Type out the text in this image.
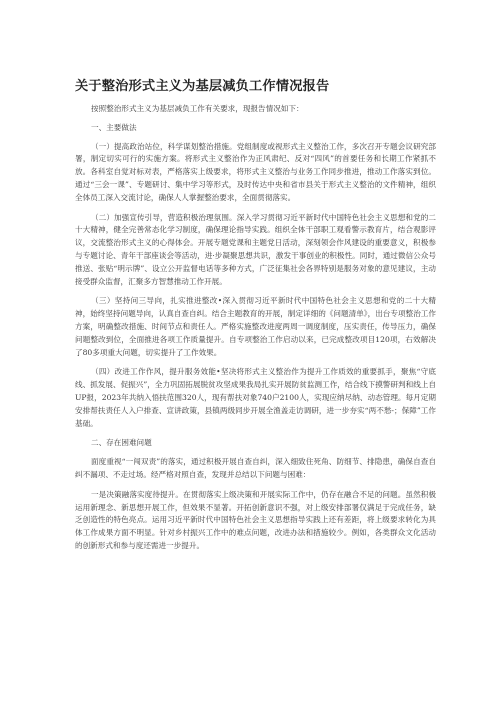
关于整治形式主义为基层减负工作情况报告

按照整治形式主义为基层减负工作有关要求，现报告情况如下：

一、主要做法

（一）提高政治站位，科学谋划整治措施。党组制度或视形式主义整治工作，多次召开专题会议研究部署，制定切实可行的实施方案。将形式主义整治作为正风肃纪、反对“四风”的首要任务和长期工作紧抓不放。各科室自觉对标对表，严格落实上级要求，将形式主义整治与业务工作同步推进，推动工作落实到位。通过“三会一课”、专题研讨、集中学习等形式，及时传达中央和省市县关于形式主义整治的文件精神，组织全体员工深入交流讨论，确保人人掌握整治要求，全面贯彻落实。

（二）加强宣传引导，营造积极治理氛围。深入学习贯彻习近平新时代中国特色社会主义思想和党的二十大精神，健全完善常态化学习制度，确保理论指导实践。组织全体干部职工观看警示教育片，结合观影评议，交流整治形式主义的心得体会。开展专题党课和主题党日活动，深刻领会作风建设的重要意义，积极参与专题讨论、青年干部座谈会等活动，进·步凝聚思想共识，激发干事创业的积极性。同时，通过微信公众号推送、张贴“明示牌”、设立公开监督电话等多种方式，广泛征集社会各界特别是服务对象的意见建议，主动接受群众监督，汇聚多方智慧推动工作开展。

（三）坚持问三导向，扎实推进整改•深入贯彻习近平新时代中国特色社会主义思想和党的二十大精神，始终坚持问题导向，认真自查自纠。结合主题教育的开展，制定详细的《问题清单》，出台专项整治工作方案，明确整改措施、时间节点和责任人。严格实施整改进度两周一调度制度，压实责任，传导压力，确保问题整改到位，全面推进各项工作质量提升。自专项整治工作启动以来，已完成整改项目120项，右效解决了80多项重大问题，切实提升了工作效果。

（四）改进工作作风，提升服务效能•坚决将形式主义整治作为提升工作质效的重要抓手，聚焦“守底线、抓发展、促振兴”，全力巩固拓展脱贫攻坚成果我局扎实开展防贫监测工作，结合线下摸警研判和线上自UP报，2023年共纳入悟扶范围320人，现有帮扶对象740户2100人，实现应纳尽纳、动态管理。每月定期安排帮扶责任人入户排查、宣讲政策，县镇两级同步开展全渔盖走访调研，进一步夯实“两不愁-；保障”工作基础。

二、存在困难问题

面度重视“一闯双责”的落实，通过积极开展自查自纠，深入细致住死角、防细节、排隐患，确保自查自纠不漏项、不走过场。经严格对照自查，发现并总结以下问题与困难：

一是决策融落实度待提升。在贯彻落实上级决策和开展实际工作中，仍存在融合不足的问题。虽然积极运用新理念、新思想开展工作，但效果不显著。开拓创新意识不强，对上级安排部署仅满足于完成任务，缺乏创造性的特色亮点。运用习近平新时代中国特色社会主义思想指导实践上还有差距，将上级要求转化为具体工作成果方面不明显。针对乡村振兴工作中的难点问题，改进办法和措施较少。例如，各类群众文化活动的创新形式和参与度还需进一步提升。
